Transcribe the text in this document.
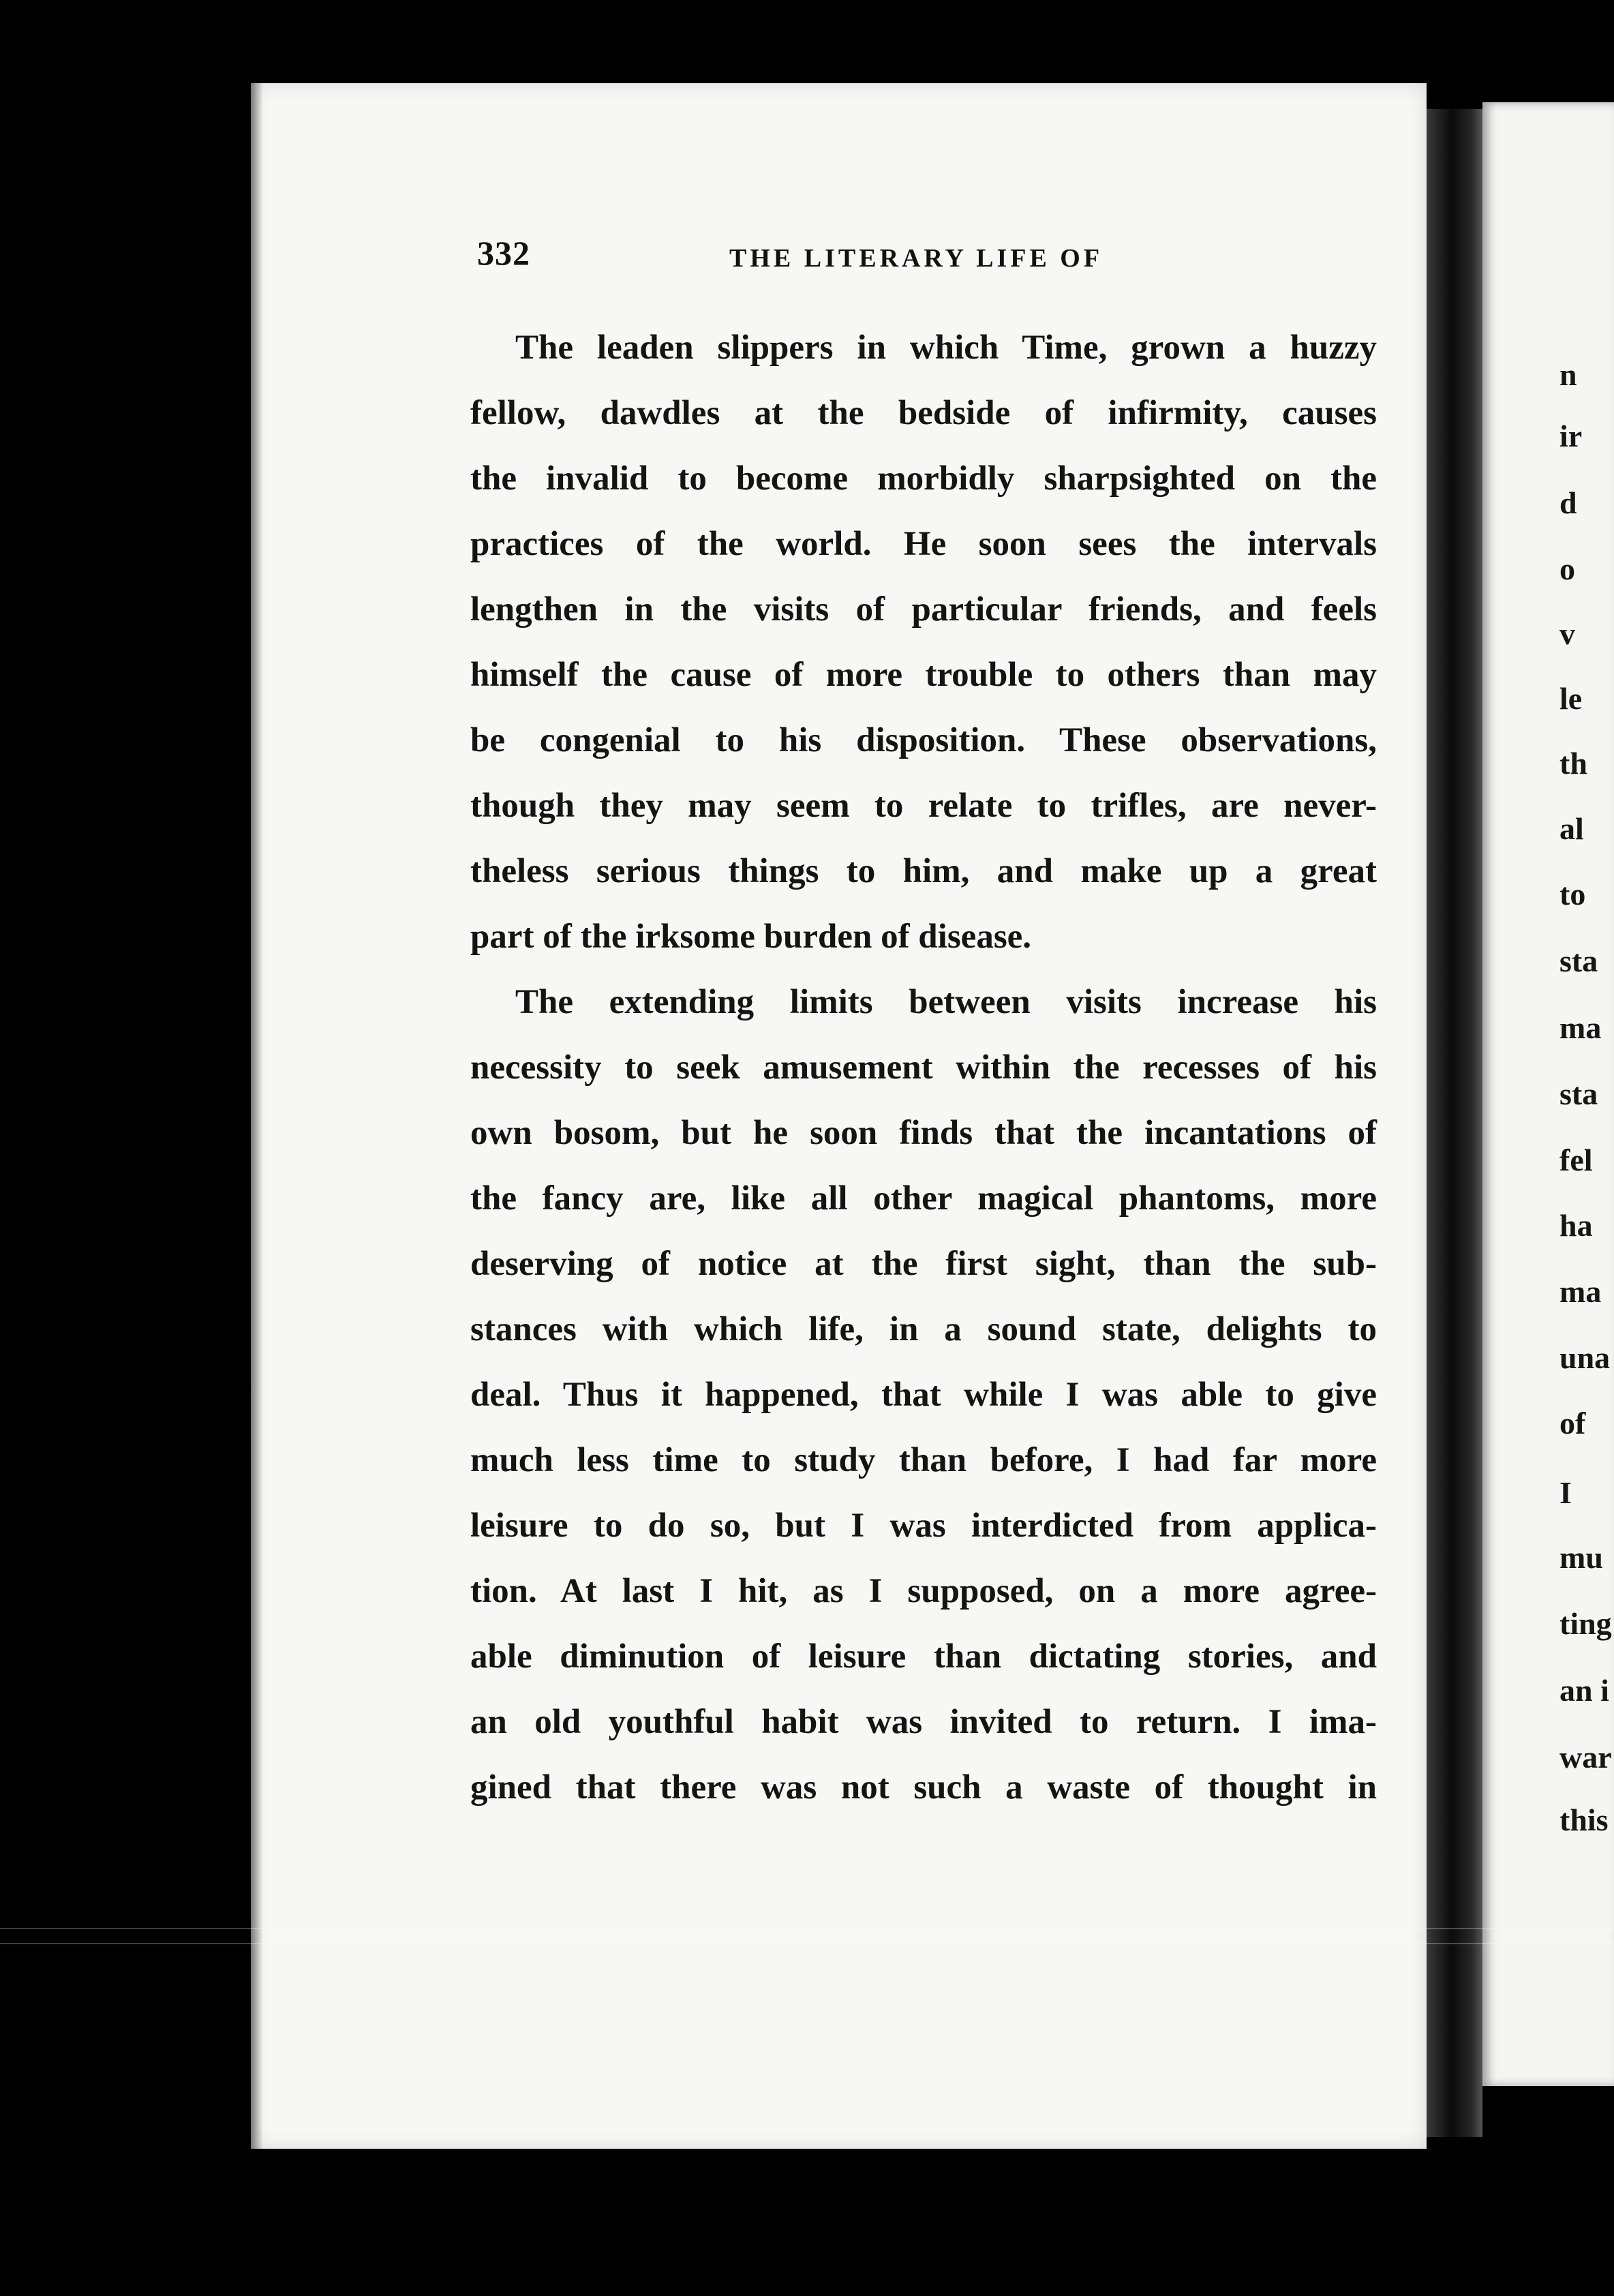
332	THE LITERARY LIFE OF
The leaden slippers in which Time, grown a huzzy
fellow, dawdles at the bedside of infirmity, causes
the invalid to become morbidly sharpsighted on the
practices of the world. He soon sees the intervals
lengthen in the visits of particular friends, and feels
himself the cause of more trouble to others than may
be congenial to his disposition. These observations,
though they may seem to relate to trifles, are never-
theless serious things to him, and make up a great
part of the irksome burden of disease.
The extending limits between visits increase his
necessity to seek amusement within the recesses of his
own bosom, but he soon finds that the incantations of
the fancy are, like all other magical phantoms, more
deserving of notice at the first sight, than the sub-
stances with which life, in a sound state, delights to
deal. Thus it happened, that while I was able to give
much less time to study than before, I had far more
leisure to do so, but I was interdicted from applica-
tion. At last I hit, as I supposed, on a more agree-
able diminution of leisure than dictating stories, and
an old youthful habit was invited to return. I ima-
gined that there was not such a waste of thought in
n
ir
d
o
v
le
th
al
to
sta
ma
sta
fel
ha
ma
una
of
I
mu
ting
an i
war
this
